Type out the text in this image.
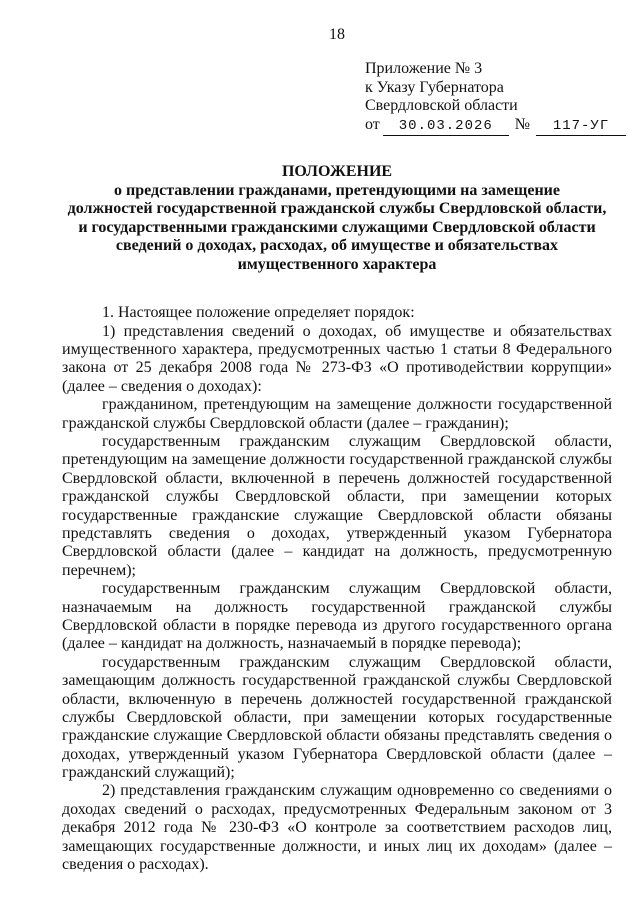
18
Приложение № 3
к Указу Губернатора
Свердловской области
от 30.03.2026 № 117-УГ
ПОЛОЖЕНИЕ
о представлении гражданами, претендующими на замещение
должностей государственной гражданской службы Свердловской области,
и государственными гражданскими служащими Свердловской области
сведений о доходах, расходах, об имуществе и обязательствах
имущественного характера

1. Настоящее положение определяет порядок:

1) представления сведений о доходах, об имуществе и обязательствах имущественного характера, предусмотренных частью 1 статьи 8 Федерального закона от 25 декабря 2008 года № 273-ФЗ «О противодействии коррупции» (далее – сведения о доходах):

гражданином, претендующим на замещение должности государственной гражданской службы Свердловской области (далее – гражданин);

государственным гражданским служащим Свердловской области, претендующим на замещение должности государственной гражданской службы Свердловской области, включенной в перечень должностей государственной гражданской службы Свердловской области, при замещении которых государственные гражданские служащие Свердловской области обязаны представлять сведения о доходах, утвержденный указом Губернатора Свердловской области (далее – кандидат на должность, предусмотренную перечнем);

государственным гражданским служащим Свердловской области, назначаемым на должность государственной гражданской службы Свердловской области в порядке перевода из другого государственного органа (далее – кандидат на должность, назначаемый в порядке перевода);

государственным гражданским служащим Свердловской области, замещающим должность государственной гражданской службы Свердловской области, включенную в перечень должностей государственной гражданской службы Свердловской области, при замещении которых государственные гражданские служащие Свердловской области обязаны представлять сведения о доходах, утвержденный указом Губернатора Свердловской области (далее – гражданский служащий);

2) представления гражданским служащим одновременно со сведениями о доходах сведений о расходах, предусмотренных Федеральным законом от 3 декабря 2012 года № 230-ФЗ «О контроле за соответствием расходов лиц, замещающих государственные должности, и иных лиц их доходам» (далее – сведения о расходах).
